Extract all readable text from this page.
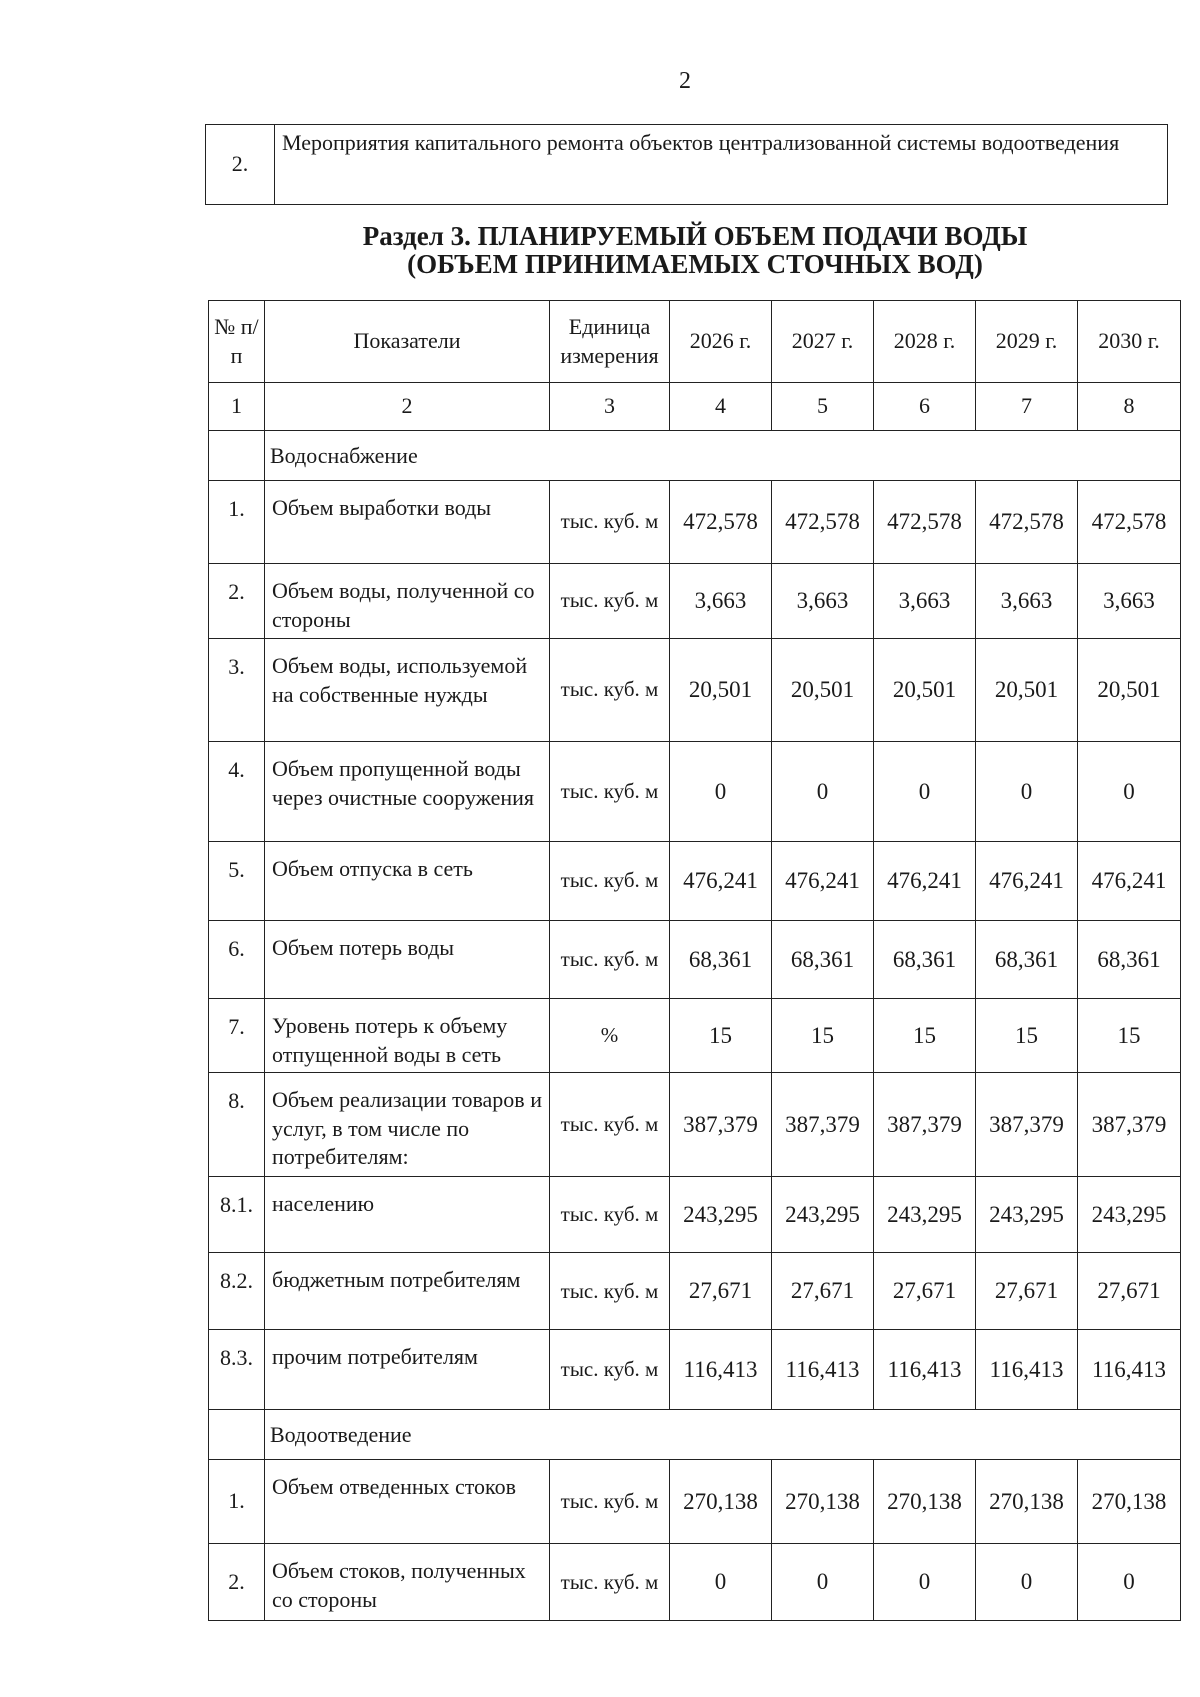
2
2.	Мероприятия капитального ремонта объектов централизованной системы водоотведения
Раздел 3. ПЛАНИРУЕМЫЙ ОБЪЕМ ПОДАЧИ ВОДЫ
(ОБЪЕМ ПРИНИМАЕМЫХ СТОЧНЫХ ВОД)
№ п/п	Показатели	Единица измерения	2026 г.	2027 г.	2028 г.	2029 г.	2030 г.
1	2	3	4	5	6	7	8
	Водоснабжение						
1.	Объем выработки воды	тыс. куб. м	472,578	472,578	472,578	472,578	472,578
2.	Объем воды, полученной со стороны	тыс. куб. м	3,663	3,663	3,663	3,663	3,663
3.	Объем воды, используемой на собственные нужды	тыс. куб. м	20,501	20,501	20,501	20,501	20,501
4.	Объем пропущенной воды через очистные сооружения	тыс. куб. м	0	0	0	0	0
5.	Объем отпуска в сеть	тыс. куб. м	476,241	476,241	476,241	476,241	476,241
6.	Объем потерь воды	тыс. куб. м	68,361	68,361	68,361	68,361	68,361
7.	Уровень потерь к объему отпущенной воды в сеть	%	15	15	15	15	15
8.	Объем реализации товаров и услуг, в том числе по потребителям:	тыс. куб. м	387,379	387,379	387,379	387,379	387,379
8.1.	населению	тыс. куб. м	243,295	243,295	243,295	243,295	243,295
8.2.	бюджетным потребителям	тыс. куб. м	27,671	27,671	27,671	27,671	27,671
8.3.	прочим потребителям	тыс. куб. м	116,413	116,413	116,413	116,413	116,413
	Водоотведение						
1.	Объем отведенных стоков	тыс. куб. м	270,138	270,138	270,138	270,138	270,138
2.	Объем стоков, полученных со стороны	тыс. куб. м	0	0	0	0	0
